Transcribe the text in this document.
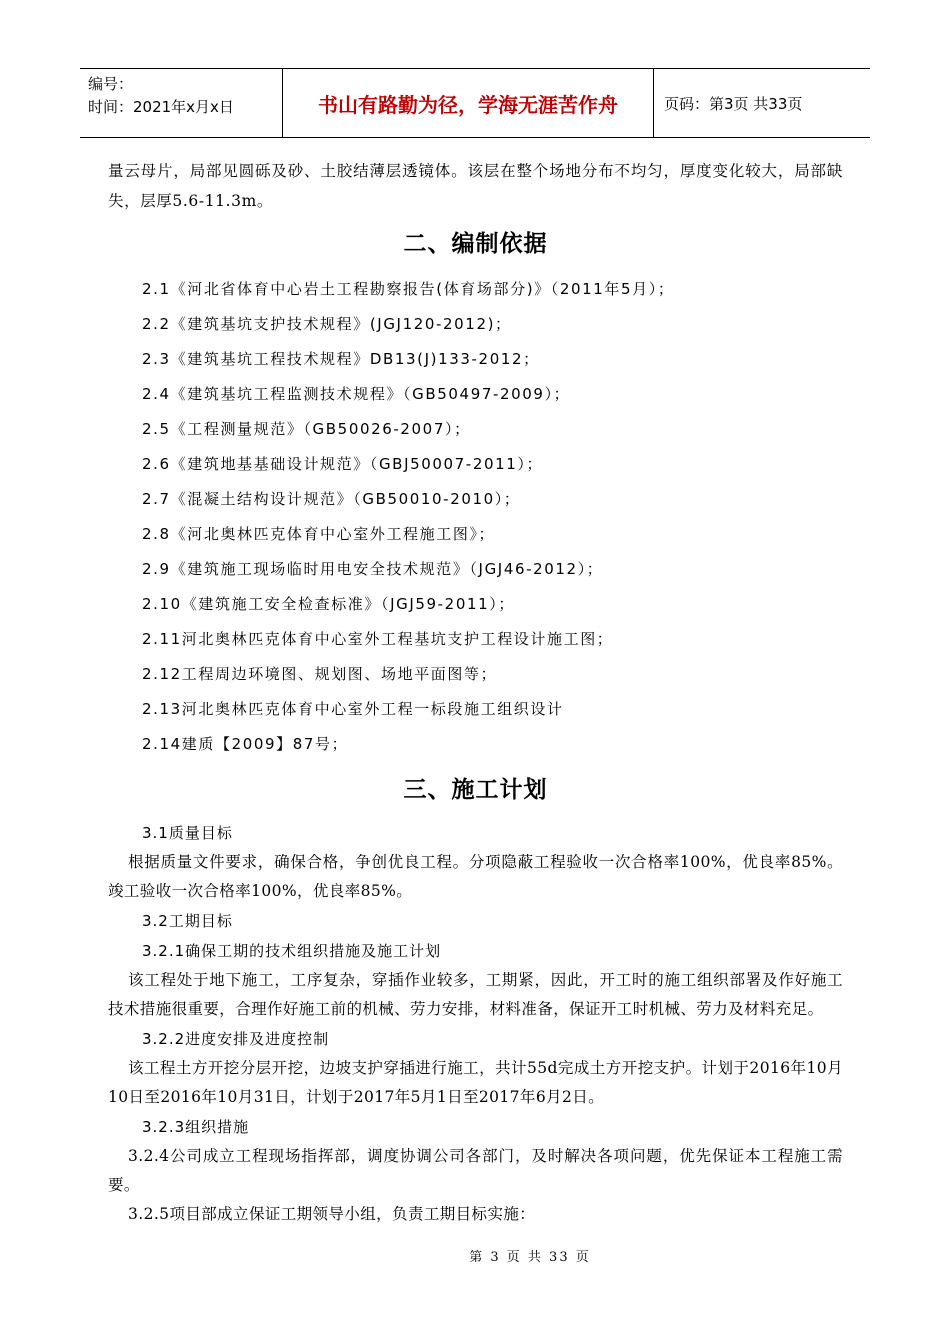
编号：
时间：2021年x月x日	书山有路勤为径，学海无涯苦作舟	页码：第3页 共33页

量云母片，局部见圆砾及砂、土胶结薄层透镜体。该层在整个场地分布不均匀，厚度变化较大，局部缺失，层厚5.6-11.3m。

二、编制依据

2.1《河北省体育中心岩土工程勘察报告(体育场部分)》（2011年5月）；

2.2《建筑基坑支护技术规程》(JGJ120-2012)；

2.3《建筑基坑工程技术规程》DB13(J)133-2012；

2.4《建筑基坑工程监测技术规程》（GB50497-2009）；

2.5《工程测量规范》（GB50026-2007）；

2.6《建筑地基基础设计规范》（GBJ50007-2011）；

2.7《混凝土结构设计规范》（GB50010-2010）；

2.8《河北奥林匹克体育中心室外工程施工图》；

2.9《建筑施工现场临时用电安全技术规范》（JGJ46-2012）；

2.10《建筑施工安全检查标准》（JGJ59-2011）；

2.11河北奥林匹克体育中心室外工程基坑支护工程设计施工图；

2.12工程周边环境图、规划图、场地平面图等；

2.13河北奥林匹克体育中心室外工程一标段施工组织设计

2.14建质【2009】87号；

三、施工计划

3.1质量目标

根据质量文件要求，确保合格，争创优良工程。分项隐蔽工程验收一次合格率100%，优良率85%。竣工验收一次合格率100%，优良率85%。

3.2工期目标

3.2.1确保工期的技术组织措施及施工计划

该工程处于地下施工，工序复杂，穿插作业较多，工期紧，因此，开工时的施工组织部署及作好施工技术措施很重要，合理作好施工前的机械、劳力安排，材料准备，保证开工时机械、劳力及材料充足。

3.2.2进度安排及进度控制

该工程土方开挖分层开挖，边坡支护穿插进行施工，共计55d完成土方开挖支护。计划于2016年10月10日至2016年10月31日，计划于2017年5月1日至2017年6月2日。

3.2.3组织措施

3.2.4公司成立工程现场指挥部，调度协调公司各部门，及时解决各项问题，优先保证本工程施工需要。

3.2.5项目部成立保证工期领导小组，负责工期目标实施：

第 3 页 共 33 页
